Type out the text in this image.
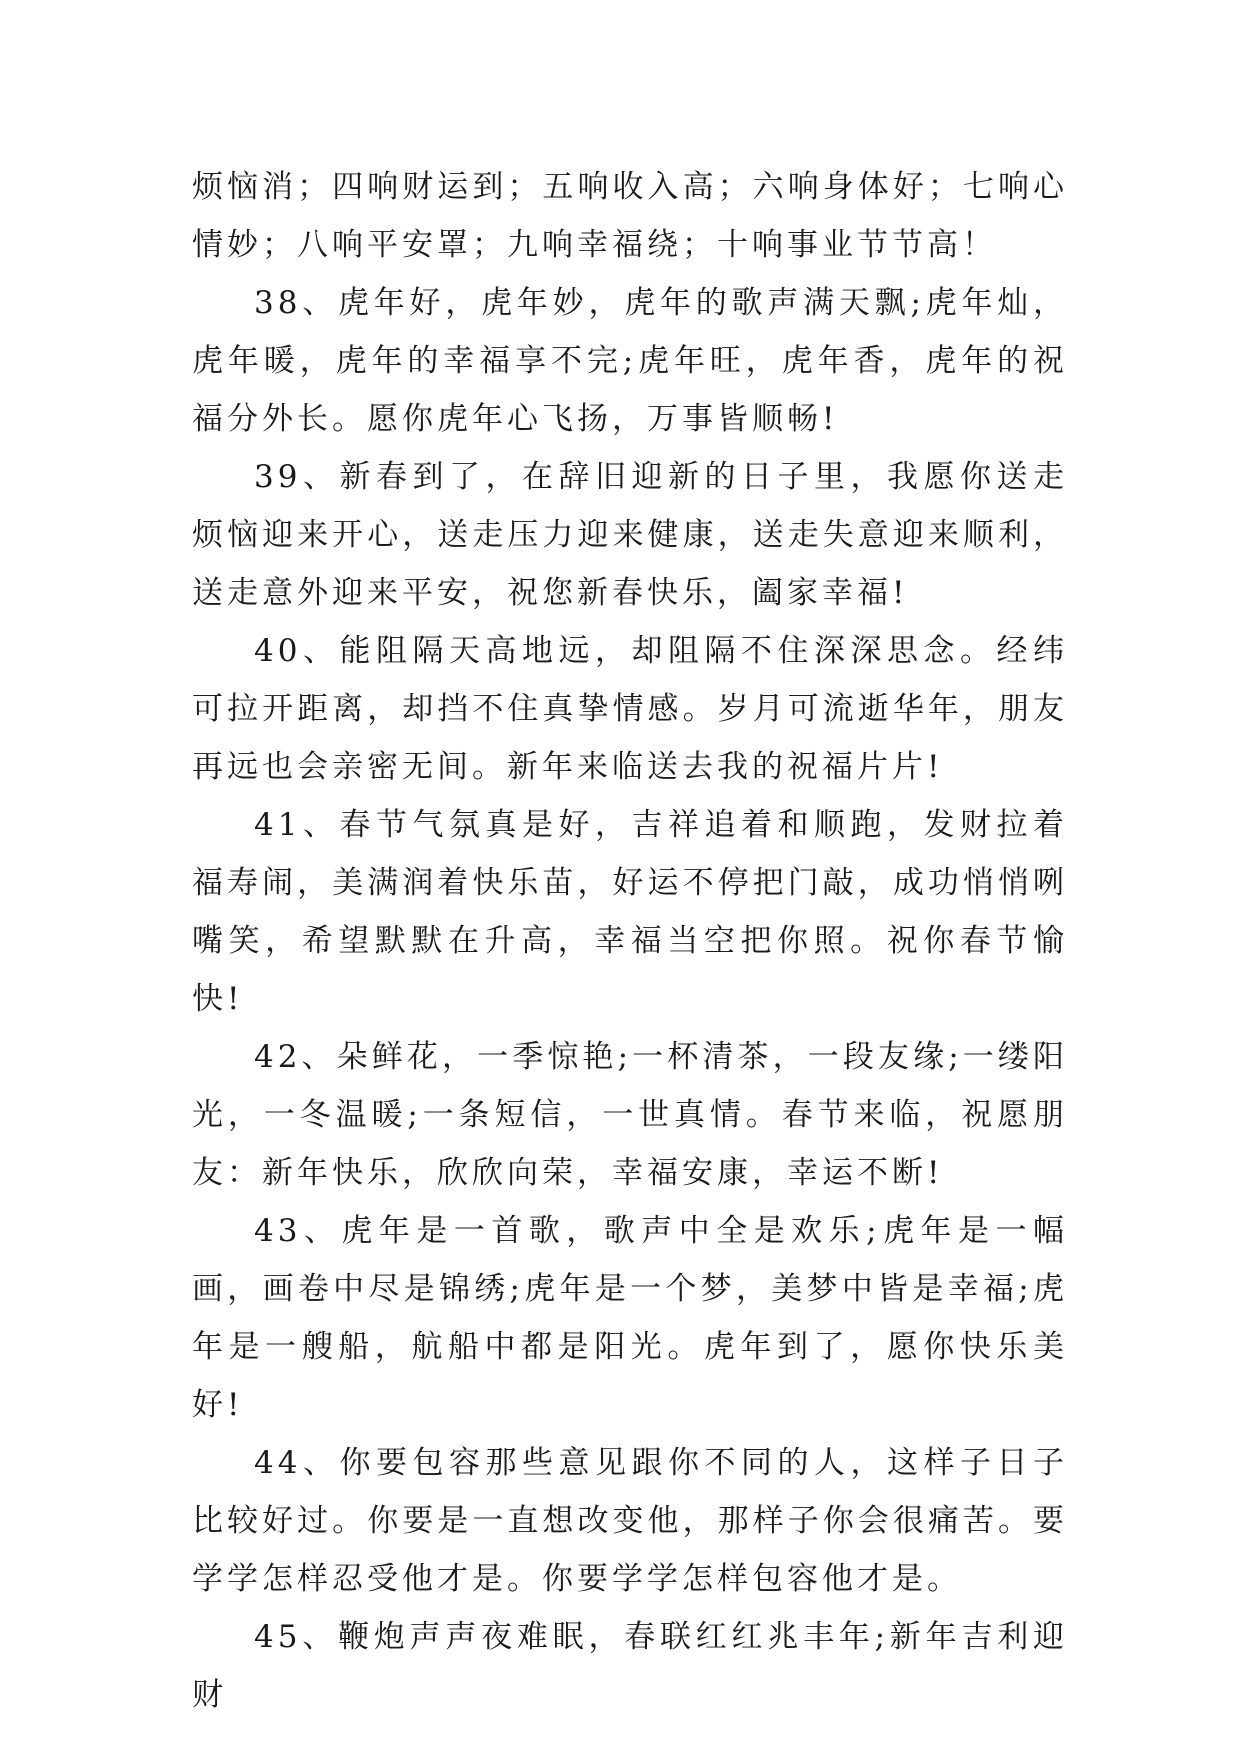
烦恼消；四响财运到；五响收入高；六响身体好；七响心情妙；八响平安罩；九响幸福绕；十响事业节节高！

38、虎年好，虎年妙，虎年的歌声满天飘;虎年灿，虎年暖，虎年的幸福享不完;虎年旺，虎年香，虎年的祝福分外长。愿你虎年心飞扬，万事皆顺畅!

39、新春到了，在辞旧迎新的日子里，我愿你送走烦恼迎来开心，送走压力迎来健康，送走失意迎来顺利，送走意外迎来平安，祝您新春快乐，阖家幸福!

40、能阻隔天高地远，却阻隔不住深深思念。经纬可拉开距离，却挡不住真挚情感。岁月可流逝华年，朋友再远也会亲密无间。新年来临送去我的祝福片片!

41、春节气氛真是好，吉祥追着和顺跑，发财拉着福寿闹，美满润着快乐苗，好运不停把门敲，成功悄悄咧嘴笑，希望默默在升高，幸福当空把你照。祝你春节愉快!

42、朵鲜花，一季惊艳;一杯清茶，一段友缘;一缕阳光，一冬温暖;一条短信，一世真情。春节来临，祝愿朋友：新年快乐，欣欣向荣，幸福安康，幸运不断!

43、虎年是一首歌，歌声中全是欢乐;虎年是一幅画，画卷中尽是锦绣;虎年是一个梦，美梦中皆是幸福;虎年是一艘船，航船中都是阳光。虎年到了，愿你快乐美好!

44、你要包容那些意见跟你不同的人，这样子日子比较好过。你要是一直想改变他，那样子你会很痛苦。要学学怎样忍受他才是。你要学学怎样包容他才是。

45、鞭炮声声夜难眠，春联红红兆丰年;新年吉利迎财
